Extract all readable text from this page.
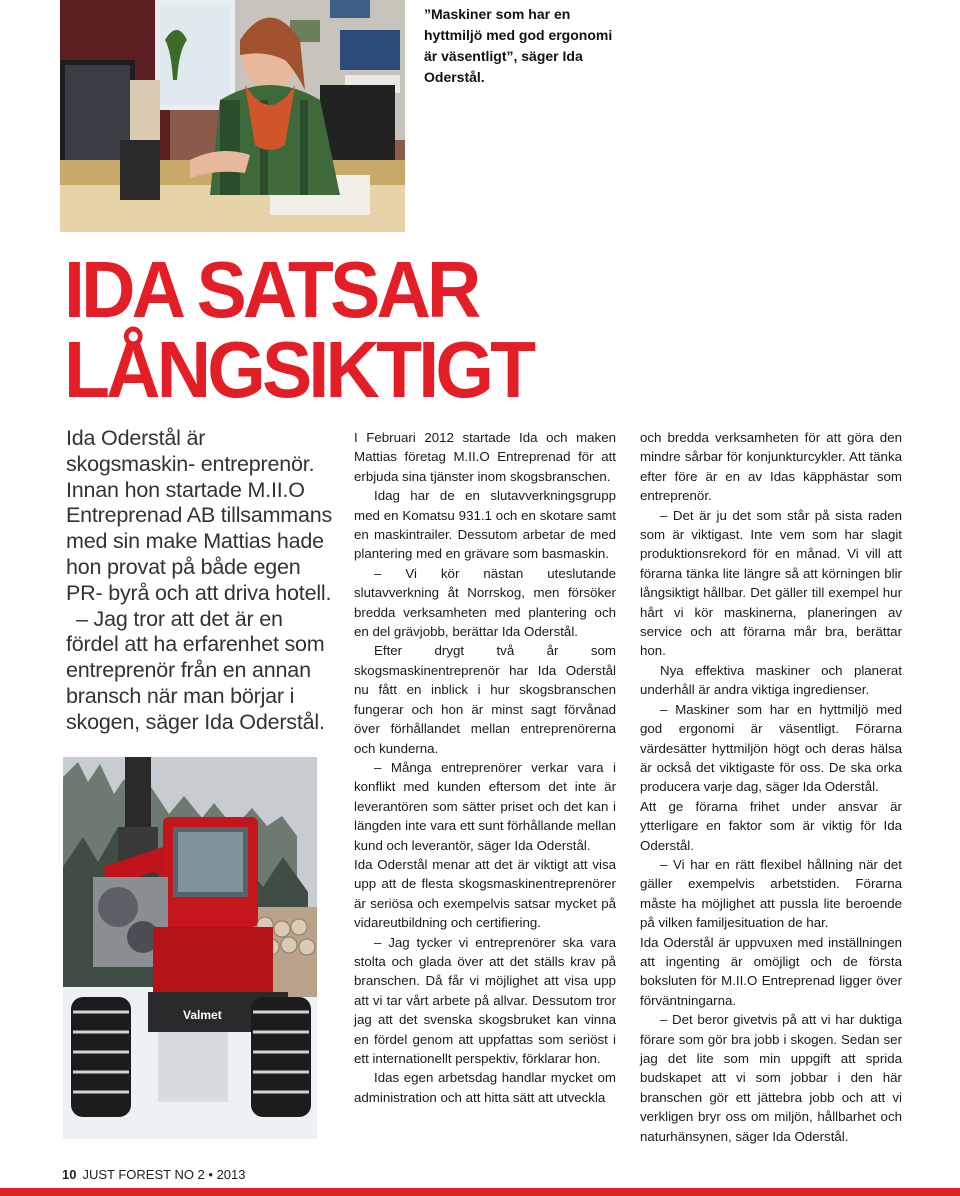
”Maskiner som har en hyttmiljö med god ergonomi är väsentligt”, säger Ida Oderstål.
IDA SATSAR
LÅNGSIKTIGT

Ida Oderstål är skogsmaskin- entreprenör. Innan hon startade M.II.O Entreprenad AB tillsammans med sin make Mattias hade hon provat på både egen PR- byrå och att driva hotell.

– Jag tror att det är en fördel att ha erfarenhet som entreprenör från en annan bransch när man börjar i skogen, säger Ida Oderstål.

Valmet

I Februari 2012 startade Ida och maken Mattias företag M.II.O Entreprenad för att erbjuda sina tjänster inom skogsbranschen.

Idag har de en slutavverkningsgrupp med en Komatsu 931.1 och en skotare samt en maskintrailer. Dessutom arbetar de med plantering med en grävare som basmaskin.

– Vi kör nästan uteslutande slutavverkning åt Norrskog, men försöker bredda verksamheten med plantering och en del grävjobb, berättar Ida Oderstål.

Efter drygt två år som skogsmaskinentreprenör har Ida Oderstål nu fått en inblick i hur skogsbranschen fungerar och hon är minst sagt förvånad över förhållandet mellan entreprenörerna och kunderna.

– Många entreprenörer verkar vara i konflikt med kunden eftersom det inte är leverantören som sätter priset och det kan i längden inte vara ett sunt förhållande mellan kund och leverantör, säger Ida Oderstål.

Ida Oderstål menar att det är viktigt att visa upp att de flesta skogsmaskinentreprenörer är seriösa och exempelvis satsar mycket på vidareutbildning och certifiering.

– Jag tycker vi entreprenörer ska vara stolta och glada över att det ställs krav på branschen. Då får vi möjlighet att visa upp att vi tar vårt arbete på allvar. Dessutom tror jag att det svenska skogsbruket kan vinna en fördel genom att uppfattas som seriöst i ett internationellt perspektiv, förklarar hon.

Idas egen arbetsdag handlar mycket om administration och att hitta sätt att utveckla

och bredda verksamheten för att göra den mindre sårbar för konjunkturcykler. Att tänka efter före är en av Idas käpphästar som entreprenör.

– Det är ju det som står på sista raden som är viktigast. Inte vem som har slagit produktionsrekord för en månad. Vi vill att förarna tänka lite längre så att körningen blir långsiktigt hållbar. Det gäller till exempel hur hårt vi kör maskinerna, planeringen av service och att förarna mår bra, berättar hon.

Nya effektiva maskiner och planerat underhåll är andra viktiga ingredienser.

– Maskiner som har en hyttmiljö med god ergonomi är väsentligt. Förarna värdesätter hyttmiljön högt och deras hälsa är också det viktigaste för oss. De ska orka producera varje dag, säger Ida Oderstål.

Att ge förarna frihet under ansvar är ytterligare en faktor som är viktig för Ida Oderstål.

– Vi har en rätt flexibel hållning när det gäller exempelvis arbetstiden. Förarna måste ha möjlighet att pussla lite beroende på vilken familjesituation de har.

Ida Oderstål är uppvuxen med inställningen att ingenting är omöjligt och de första boksluten för M.II.O Entreprenad ligger över förväntningarna.

– Det beror givetvis på att vi har duktiga förare som gör bra jobb i skogen. Sedan ser jag det lite som min uppgift att sprida budskapet att vi som jobbar i den här branschen gör ett jättebra jobb och att vi verkligen bryr oss om miljön, hållbarhet och naturhänsynen, säger Ida Oderstål.

10 JUST FOREST NO 2 • 2013
